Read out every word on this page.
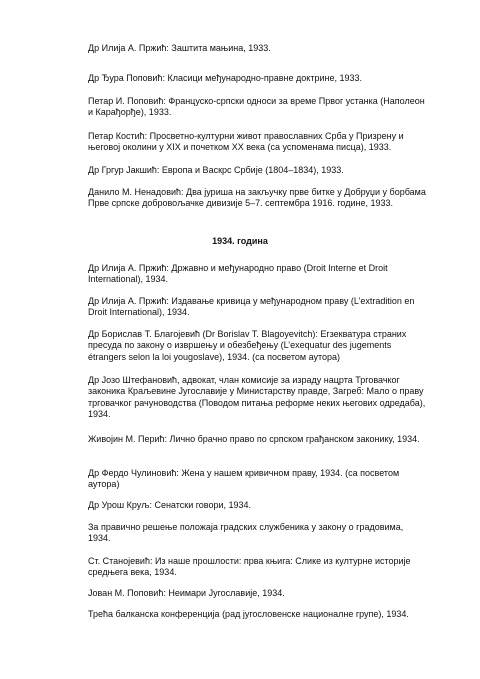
Др Илија А. Пржић: Заштита мањина, 1933.

Др Ђура Поповић: Класици међународно-правне доктрине, 1933.

Петар И. Поповић: Француско-српски односи за време Првог устанка (Наполеон и Карађорђе), 1933.

Петар Костић: Просветно-културни живот православних Срба у Призрену и његовој околини у XIX и почетком XX века (са успоменама писца), 1933.

Др Гргур Јакшић: Европа и Васкрс Србије (1804–1834), 1933.

Данило М. Ненадовић: Два јуриша на закључку прве битке у Добруџи у борбама Прве српске добровољачке дивизије 5–7. септембра 1916. године, 1933.

1934. година

Др Илија А. Пржић: Државно и међународно право (Droit Interne et Droit International), 1934.

Др Илија А. Пржић: Издавање кривица у међународном праву (L’extradition en Droit International), 1934.

Др Борислав Т. Благојевић (Dr Borislav T. Blagoyevitch): Егзекватура страних пресуда по закону о извршењу и обезбеђењу (L’exequatur des jugements étrangers selon la loi yougoslave), 1934. (са посветом аутора)

Др Јозо Штефановић, адвокат, члан комисије за израду нацрта Трговачког законика Краљевине Југославије у Министарству правде, Загреб: Мало о праву трговачког рачуноводства (Поводом питања реформе неких његових одредаба), 1934.

Живојин М. Перић: Лично брачно право по српском грађанском законику, 1934.

Др Фердо Чулиновић: Жена у нашем кривичном праву, 1934. (са посветом аутора)

Др Урош Круљ: Сенатски говори, 1934.

За правично решење положаја градских службеника у закону о градовима, 1934.

Ст. Станојевић: Из наше прошлости: прва књига: Слике из културне историје средњега века, 1934.

Јован М. Поповић: Неимари Југославије, 1934.

Трећа балканска конференција (рад југословенске националне групе), 1934.
